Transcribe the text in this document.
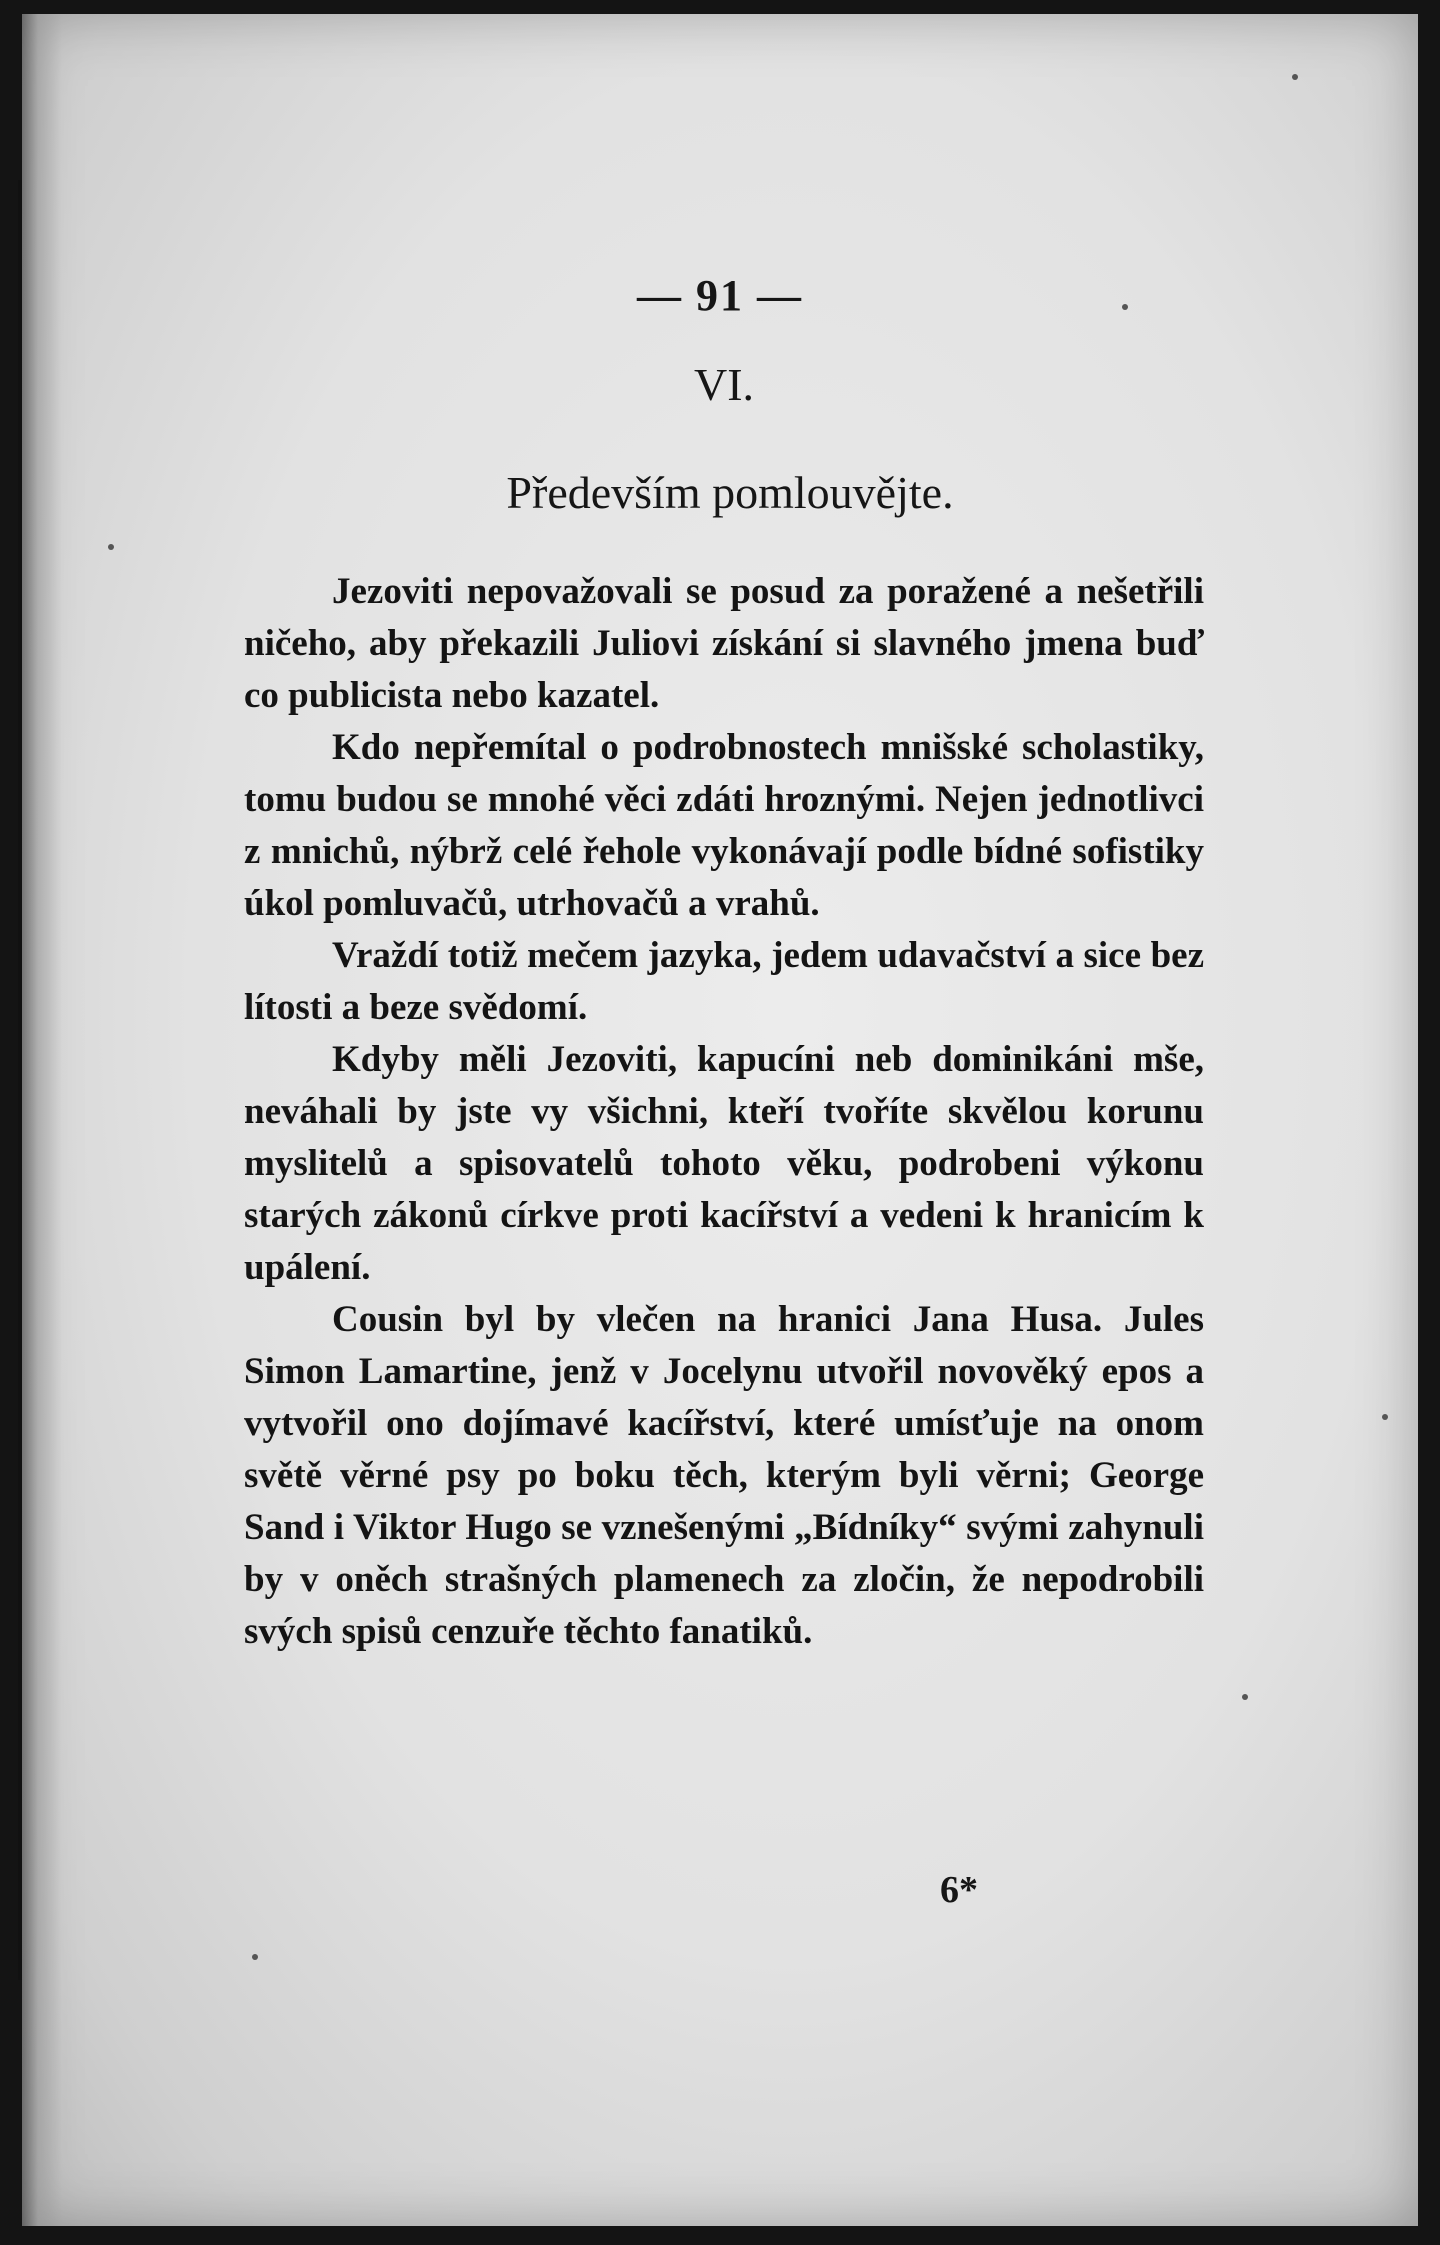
— 91 —
VI.
Především pomlouvějte.

Jezoviti nepovažovali se posud za poražené a nešetřili ničeho, aby překazili Juliovi získání si slavného jmena buď co publicista nebo kazatel.

Kdo nepřemítal o podrobnostech mnišské scholastiky, tomu budou se mnohé věci zdáti hroznými. Nejen jednotlivci z mnichů, nýbrž celé řehole vykonávají podle bídné sofistiky úkol pomluvačů, utrhovačů a vrahů.

Vraždí totiž mečem jazyka, jedem udavačství a sice bez lítosti a beze svědomí.

Kdyby měli Jezoviti, kapucíni neb dominikáni mše, neváhali by jste vy všichni, kteří tvoříte skvělou korunu myslitelů a spisovatelů tohoto věku, podrobeni výkonu starých zákonů církve proti kacířství a vedeni k hranicím k upálení.

Cousin byl by vlečen na hranici Jana Husa. Jules Simon Lamartine, jenž v Jocelynu utvořil novověký epos a vytvořil ono dojímavé kacířství, které umísťuje na onom světě věrné psy po boku těch, kterým byli věrni; George Sand i Viktor Hugo se vznešenými „Bídníky“ svými zahynuli by v oněch strašných plamenech za zločin, že nepodrobili svých spisů cenzuře těchto fanatiků.

6*
